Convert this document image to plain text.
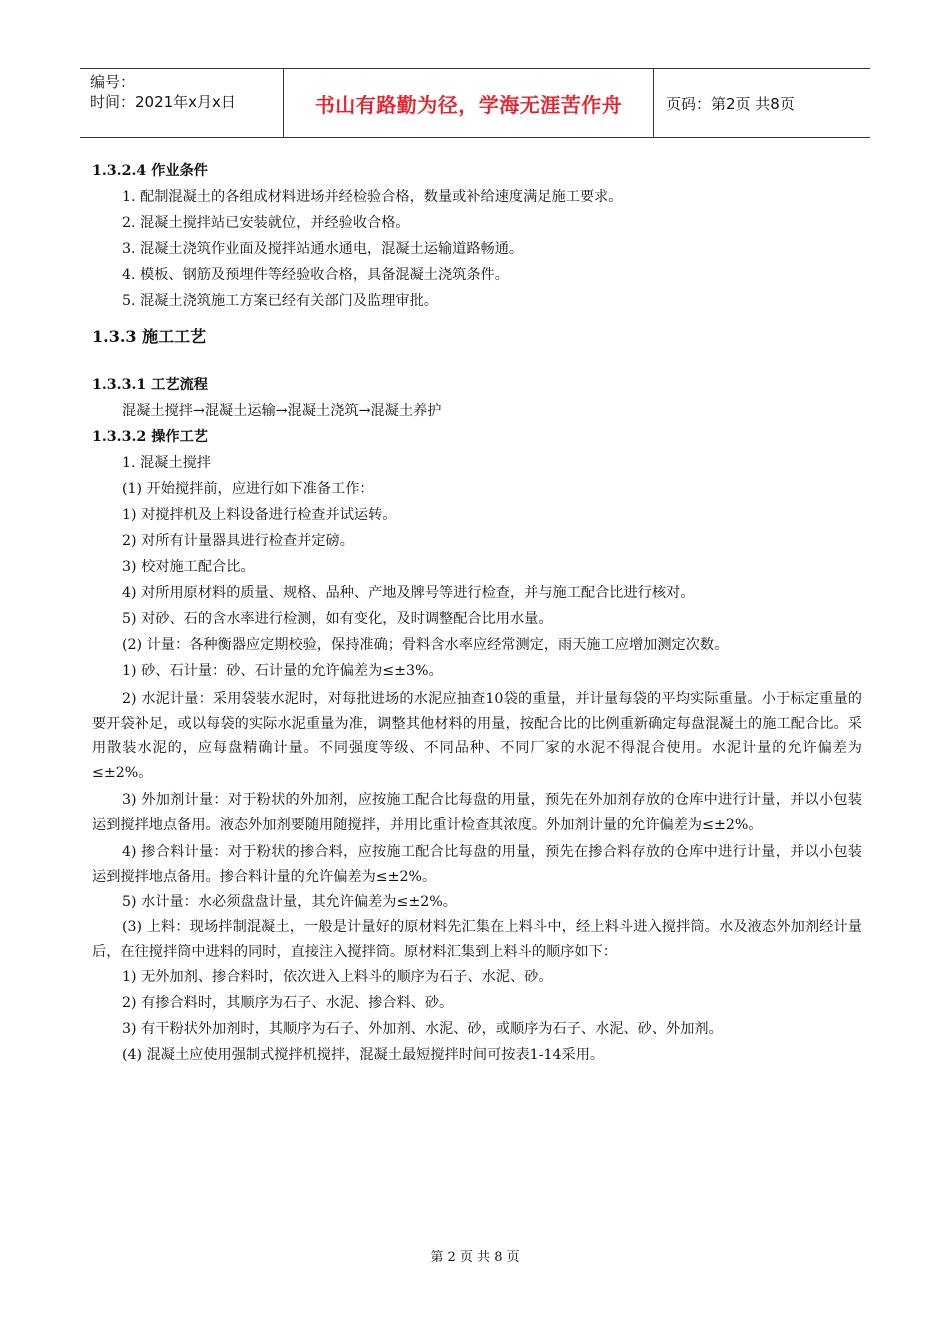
编号：
时间：2021年x月x日	书山有路勤为径，学海无涯苦作舟	页码：第2页 共8页
1.3.2.4 作业条件
1. 配制混凝土的各组成材料进场并经检验合格，数量或补给速度满足施工要求。
2. 混凝土搅拌站已安装就位，并经验收合格。
3. 混凝土浇筑作业面及搅拌站通水通电，混凝土运输道路畅通。
4. 模板、钢筋及预埋件等经验收合格，具备混凝土浇筑条件。
5. 混凝土浇筑施工方案已经有关部门及监理审批。
1.3.3 施工工艺
1.3.3.1 工艺流程
混凝土搅拌→混凝土运输→混凝土浇筑→混凝土养护
1.3.3.2 操作工艺
1. 混凝土搅拌
(1) 开始搅拌前，应进行如下准备工作：
1) 对搅拌机及上料设备进行检查并试运转。
2) 对所有计量器具进行检查并定磅。
3) 校对施工配合比。
4) 对所用原材料的质量、规格、品种、产地及牌号等进行检查，并与施工配合比进行核对。
5) 对砂、石的含水率进行检测，如有变化，及时调整配合比用水量。
(2) 计量：各种衡器应定期校验，保持准确；骨料含水率应经常测定，雨天施工应增加测定次数。
1) 砂、石计量：砂、石计量的允许偏差为≤±3%。

2) 水泥计量：采用袋装水泥时，对每批进场的水泥应抽查10袋的重量，并计量每袋的平均实际重量。小于标定重量的要开袋补足，或以每袋的实际水泥重量为准，调整其他材料的用量，按配合比的比例重新确定每盘混凝土的施工配合比。采用散装水泥的，应每盘精确计量。不同强度等级、不同品种、不同厂家的水泥不得混合使用。水泥计量的允许偏差为≤±2%。

3) 外加剂计量：对于粉状的外加剂，应按施工配合比每盘的用量，预先在外加剂存放的仓库中进行计量，并以小包装运到搅拌地点备用。液态外加剂要随用随搅拌，并用比重计检查其浓度。外加剂计量的允许偏差为≤±2%。

4) 掺合料计量：对于粉状的掺合料，应按施工配合比每盘的用量，预先在掺合料存放的仓库中进行计量，并以小包装运到搅拌地点备用。掺合料计量的允许偏差为≤±2%。

5) 水计量：水必须盘盘计量，其允许偏差为≤±2%。

(3) 上料：现场拌制混凝土，一般是计量好的原材料先汇集在上料斗中，经上料斗进入搅拌筒。水及液态外加剂经计量后，在往搅拌筒中进料的同时，直接注入搅拌筒。原材料汇集到上料斗的顺序如下：

1) 无外加剂、掺合料时，依次进入上料斗的顺序为石子、水泥、砂。
2) 有掺合料时，其顺序为石子、水泥、掺合料、砂。
3) 有干粉状外加剂时，其顺序为石子、外加剂、水泥、砂，或顺序为石子、水泥、砂、外加剂。
(4) 混凝土应使用强制式搅拌机搅拌，混凝土最短搅拌时间可按表1-14采用。
第 2 页 共 8 页
